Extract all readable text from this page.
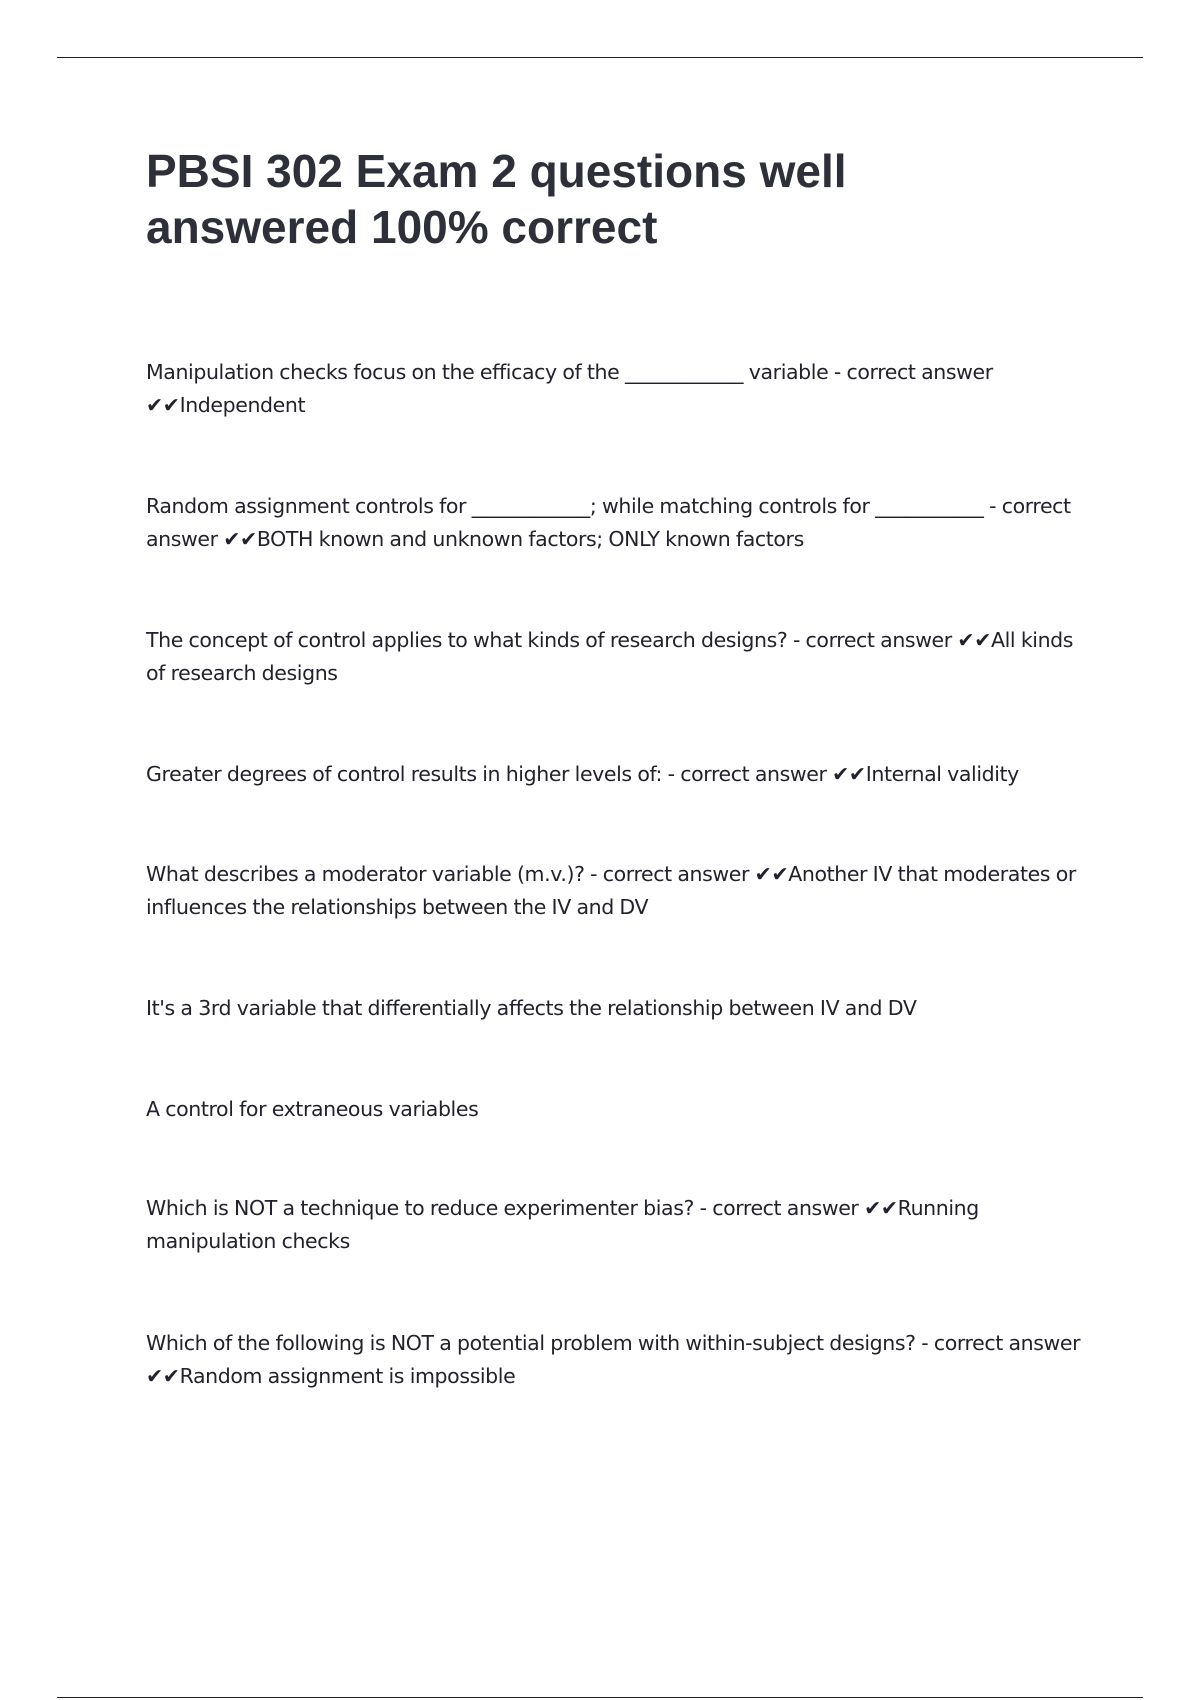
PBSI 302 Exam 2 questions well answered 100% correct

Manipulation checks focus on the efficacy of the ____________ variable - correct answer ✔✔Independent

Random assignment controls for ____________; while matching controls for ___________ - correct answer ✔✔BOTH known and unknown factors; ONLY known factors

The concept of control applies to what kinds of research designs? - correct answer ✔✔All kinds of research designs

Greater degrees of control results in higher levels of: - correct answer ✔✔Internal validity

What describes a moderator variable (m.v.)? - correct answer ✔✔Another IV that moderates or influences the relationships between the IV and DV

It's a 3rd variable that differentially affects the relationship between IV and DV

A control for extraneous variables

Which is NOT a technique to reduce experimenter bias? - correct answer ✔✔Running manipulation checks

Which of the following is NOT a potential problem with within-subject designs? - correct answer ✔✔Random assignment is impossible
